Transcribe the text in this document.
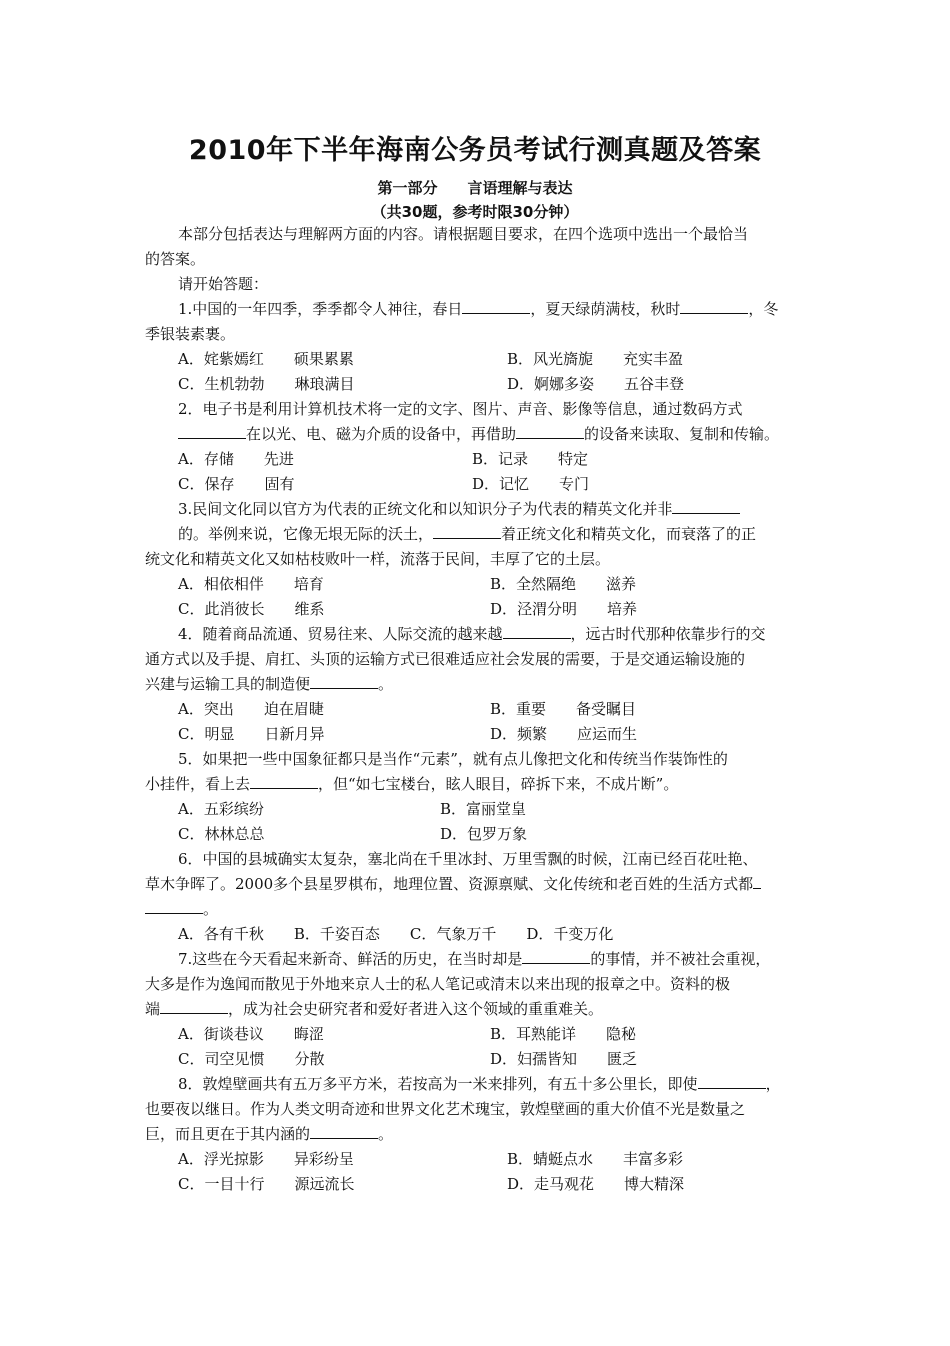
2010年下半年海南公务员考试行测真题及答案
第一部分　　言语理解与表达
（共30题，参考时限30分钟）
本部分包括表达与理解两方面的内容。请根据题目要求，在四个选项中选出一个最恰当
的答案。
请开始答题：
1.中国的一年四季，季季都令人神往，春日	，夏天绿荫满枝，秋时	，冬
季银装素裹。
A．姹紫嫣红　　硕果累累	B．风光旖旎　　充实丰盈
C．生机勃勃　　琳琅满目	D．婀娜多姿　　五谷丰登
2．电子书是利用计算机技术将一定的文字、图片、声音、影像等信息，通过数码方式
在以光、电、磁为介质的设备中，再借助	的设备来读取、复制和传输。
A．存储　　先进	B．记录　　特定
C．保存　　固有	D．记忆　　专门
3.民间文化同以官方为代表的正统文化和以知识分子为代表的精英文化并非
的。举例来说，它像无垠无际的沃土，	着正统文化和精英文化，而衰落了的正
统文化和精英文化又如枯枝败叶一样，流落于民间，丰厚了它的土层。
A．相依相伴　　培育	B．全然隔绝　　滋养
C．此消彼长　　维系	D．泾渭分明　　培养
4．随着商品流通、贸易往来、人际交流的越来越	，远古时代那种依靠步行的交
通方式以及手提、肩扛、头顶的运输方式已很难适应社会发展的需要，于是交通运输设施的
兴建与运输工具的制造便	。
A．突出　　迫在眉睫	B．重要　　备受瞩目
C．明显　　日新月异	D．频繁　　应运而生
5．如果把一些中国象征都只是当作“元素”，就有点儿像把文化和传统当作装饰性的
小挂件，看上去	，但“如七宝楼台，眩人眼目，碎拆下来，不成片断”。
A．五彩缤纷	B．富丽堂皇
C．林林总总	D．包罗万象
6．中国的县城确实太复杂，塞北尚在千里冰封、万里雪飘的时候，江南已经百花吐艳、
草木争晖了。2000多个县星罗棋布，地理位置、资源禀赋、文化传统和老百姓的生活方式都
。
A．各有千秋　　B．千姿百态　　C．气象万千　　D．千变万化
7.这些在今天看起来新奇、鲜活的历史，在当时却是	的事情，并不被社会重视，
大多是作为逸闻而散见于外地来京人士的私人笔记或清末以来出现的报章之中。资料的极
端	，成为社会史研究者和爱好者进入这个领域的重重难关。
A．街谈巷议　　晦涩	B．耳熟能详　　隐秘
C．司空见惯　　分散	D．妇孺皆知　　匮乏
8．敦煌壁画共有五万多平方米，若按高为一米来排列，有五十多公里长，即使	，
也要夜以继日。作为人类文明奇迹和世界文化艺术瑰宝，敦煌壁画的重大价值不光是数量之
巨，而且更在于其内涵的	。
A．浮光掠影　　异彩纷呈	B．蜻蜓点水　　丰富多彩
C．一目十行　　源远流长	D．走马观花　　博大精深
